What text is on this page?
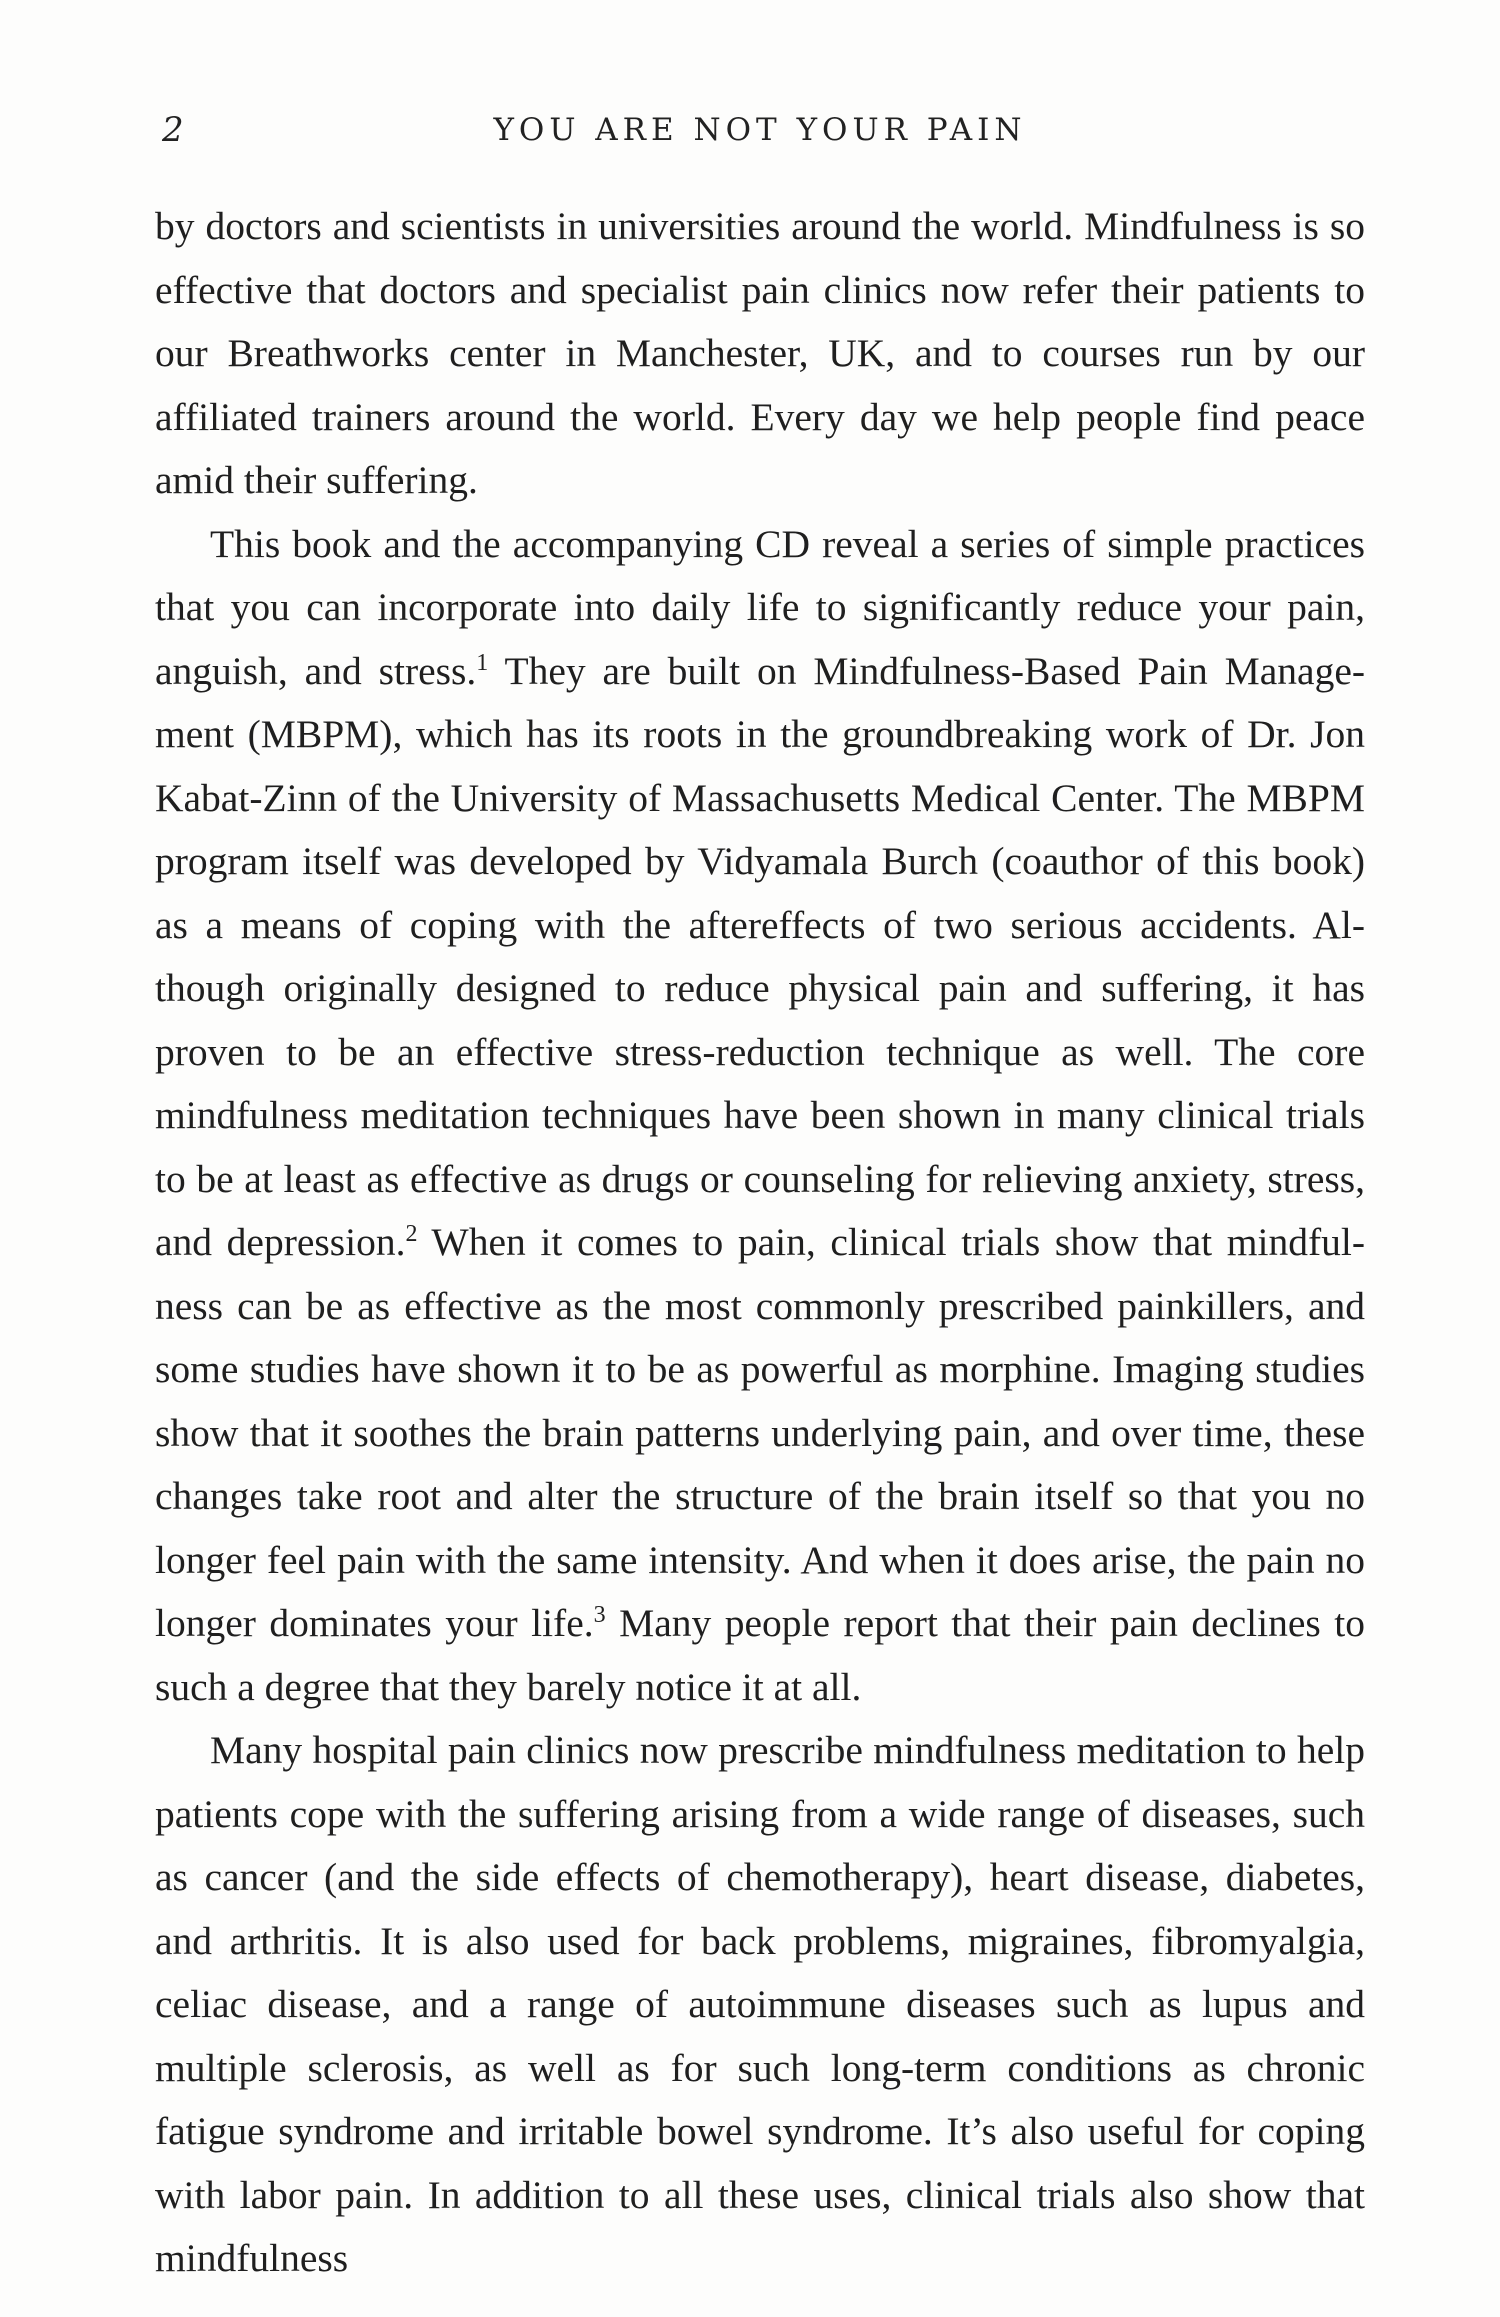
2	YOU ARE NOT YOUR PAIN

by doctors and scientists in universities around the world. Mindfulness is so effective that doctors and specialist pain clinics now refer their patients to our Breathworks center in Manchester, UK, and to courses run by our affiliated trainers around the world. Every day we help people find peace amid their suffering.

This book and the accompanying CD reveal a series of simple practices that you can incorporate into daily life to significantly reduce your pain, anguish, and stress.$^1$ They are built on Mindfulness-Based Pain Management (MBPM), which has its roots in the groundbreaking work of Dr. Jon Kabat-Zinn of the University of Massachusetts Medical Center. The MBPM program itself was developed by Vidyamala Burch (coauthor of this book) as a means of coping with the aftereffects of two serious accidents. Although originally designed to reduce physical pain and suffering, it has proven to be an effective stress-reduction technique as well. The core mindfulness meditation techniques have been shown in many clinical trials to be at least as effective as drugs or counseling for relieving anxiety, stress, and depression.$^2$ When it comes to pain, clinical trials show that mindfulness can be as effective as the most commonly prescribed painkillers, and some studies have shown it to be as powerful as morphine. Imaging studies show that it soothes the brain patterns underlying pain, and over time, these changes take root and alter the structure of the brain itself so that you no longer feel pain with the same intensity. And when it does arise, the pain no longer dominates your life.$^3$ Many people report that their pain declines to such a degree that they barely notice it at all.

Many hospital pain clinics now prescribe mindfulness meditation to help patients cope with the suffering arising from a wide range of diseases, such as cancer (and the side effects of chemotherapy), heart disease, diabetes, and arthritis. It is also used for back problems, migraines, fibromyalgia, celiac disease, and a range of autoimmune diseases such as lupus and multiple sclerosis, as well as for such long-term conditions as chronic fatigue syndrome and irritable bowel syndrome. It’s also useful for coping with labor pain. In addition to all these uses, clinical trials also show that mindfulness
